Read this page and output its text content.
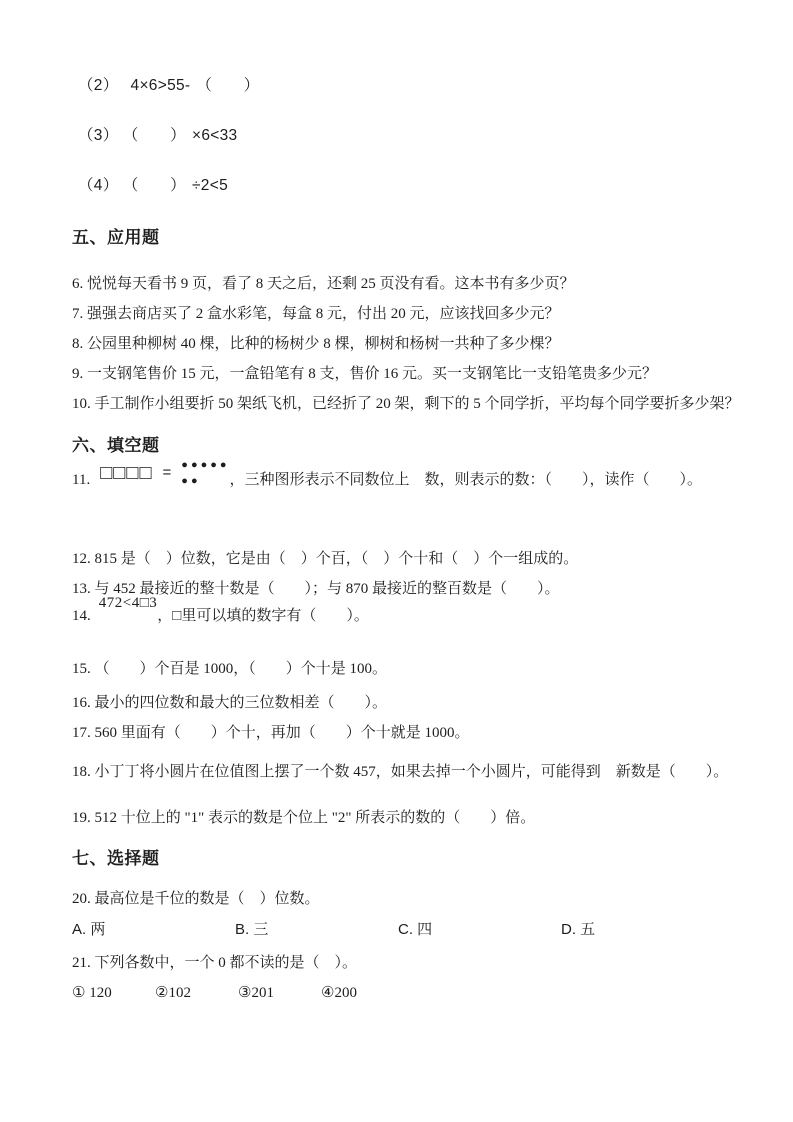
（2） 4×6>55- （　　）
（3） （　　） ×6<33
（4） （　　） ÷2<5
五、应用题
6. 悦悦每天看书 9 页，看了 8 天之后，还剩 25 页没有看。这本书有多少页？
7. 强强去商店买了 2 盒水彩笔，每盒 8 元，付出 20 元，应该找回多少元？
8. 公园里种柳树 40 棵，比种的杨树少 8 棵，柳树和杨树一共种了多少棵？
9. 一支钢笔售价 15 元，一盒铅笔有 8 支，售价 16 元。买一支钢笔比一支铅笔贵多少元？
10. 手工制作小组要折 50 架纸飞机，已经折了 20 架，剩下的 5 个同学折，平均每个同学要折多少架？
六、填空题
11. □□□□ = ●●●●●
●●	，三种图形表示不同数位上　数，则表示的数：（　　），读作（　　）。
12. 815 是（　）位数，它是由（　）个百，（　）个十和（　）个一组成的。
13. 与 452 最接近的整十数是（　　）；与 870 最接近的整百数是（　　）。
14.
472<4□3
，□里可以填的数字有（　　）。
15. （　　）个百是 1000，（　　）个十是 100。
16. 最小的四位数和最大的三位数相差（　　）。
17. 560 里面有（　　）个十，再加（　　）个十就是 1000。
18. 小丁丁将小圆片在位值图上摆了一个数 457，如果去掉一个小圆片，可能得到　新数是（　　）。
19. 512 十位上的 "1" 表示的数是个位上 "2" 所表示的数的（　　）倍。
七、选择题
20. 最高位是千位的数是（　）位数。
A. 两	B. 三	C. 四	D. 五
21. 下列各数中，一个 0 都不读的是（　）。
① 120	②102	③201	④200
